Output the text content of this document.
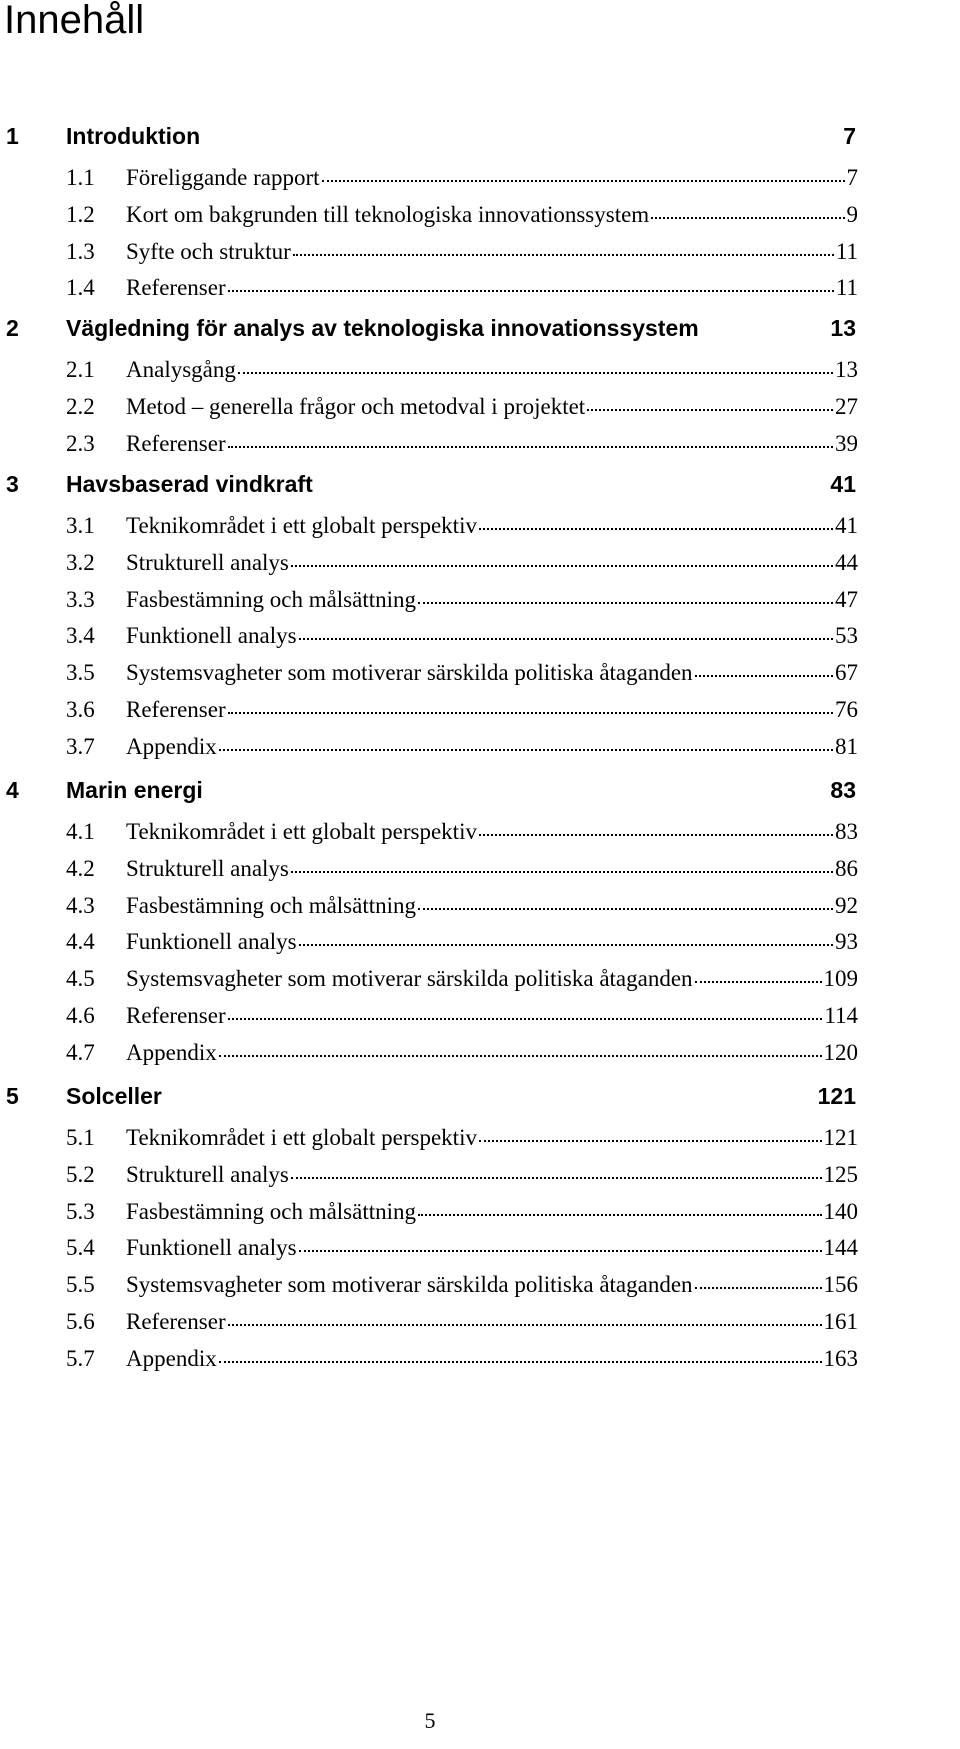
Innehåll
1 Introduktion	7
1.1	Föreliggande rapport	7
1.2	Kort om bakgrunden till teknologiska innovationssystem	9
1.3	Syfte och struktur	11
1.4	Referenser	11
2 Vägledning för analys av teknologiska innovationssystem	13
2.1	Analysgång	13
2.2	Metod – generella frågor och metodval i projektet	27
2.3	Referenser	39
3 Havsbaserad vindkraft	41
3.1	Teknikområdet i ett globalt perspektiv	41
3.2	Strukturell analys	44
3.3	Fasbestämning och målsättning	47
3.4	Funktionell analys	53
3.5	Systemsvagheter som motiverar särskilda politiska åtaganden	67
3.6	Referenser	76
3.7	Appendix	81
4 Marin energi	83
4.1	Teknikområdet i ett globalt perspektiv	83
4.2	Strukturell analys	86
4.3	Fasbestämning och målsättning	92
4.4	Funktionell analys	93
4.5	Systemsvagheter som motiverar särskilda politiska åtaganden	109
4.6	Referenser	114
4.7	Appendix	120
5 Solceller	121
5.1	Teknikområdet i ett globalt perspektiv	121
5.2	Strukturell analys	125
5.3	Fasbestämning och målsättning	140
5.4	Funktionell analys	144
5.5	Systemsvagheter som motiverar särskilda politiska åtaganden	156
5.6	Referenser	161
5.7	Appendix	163
5
